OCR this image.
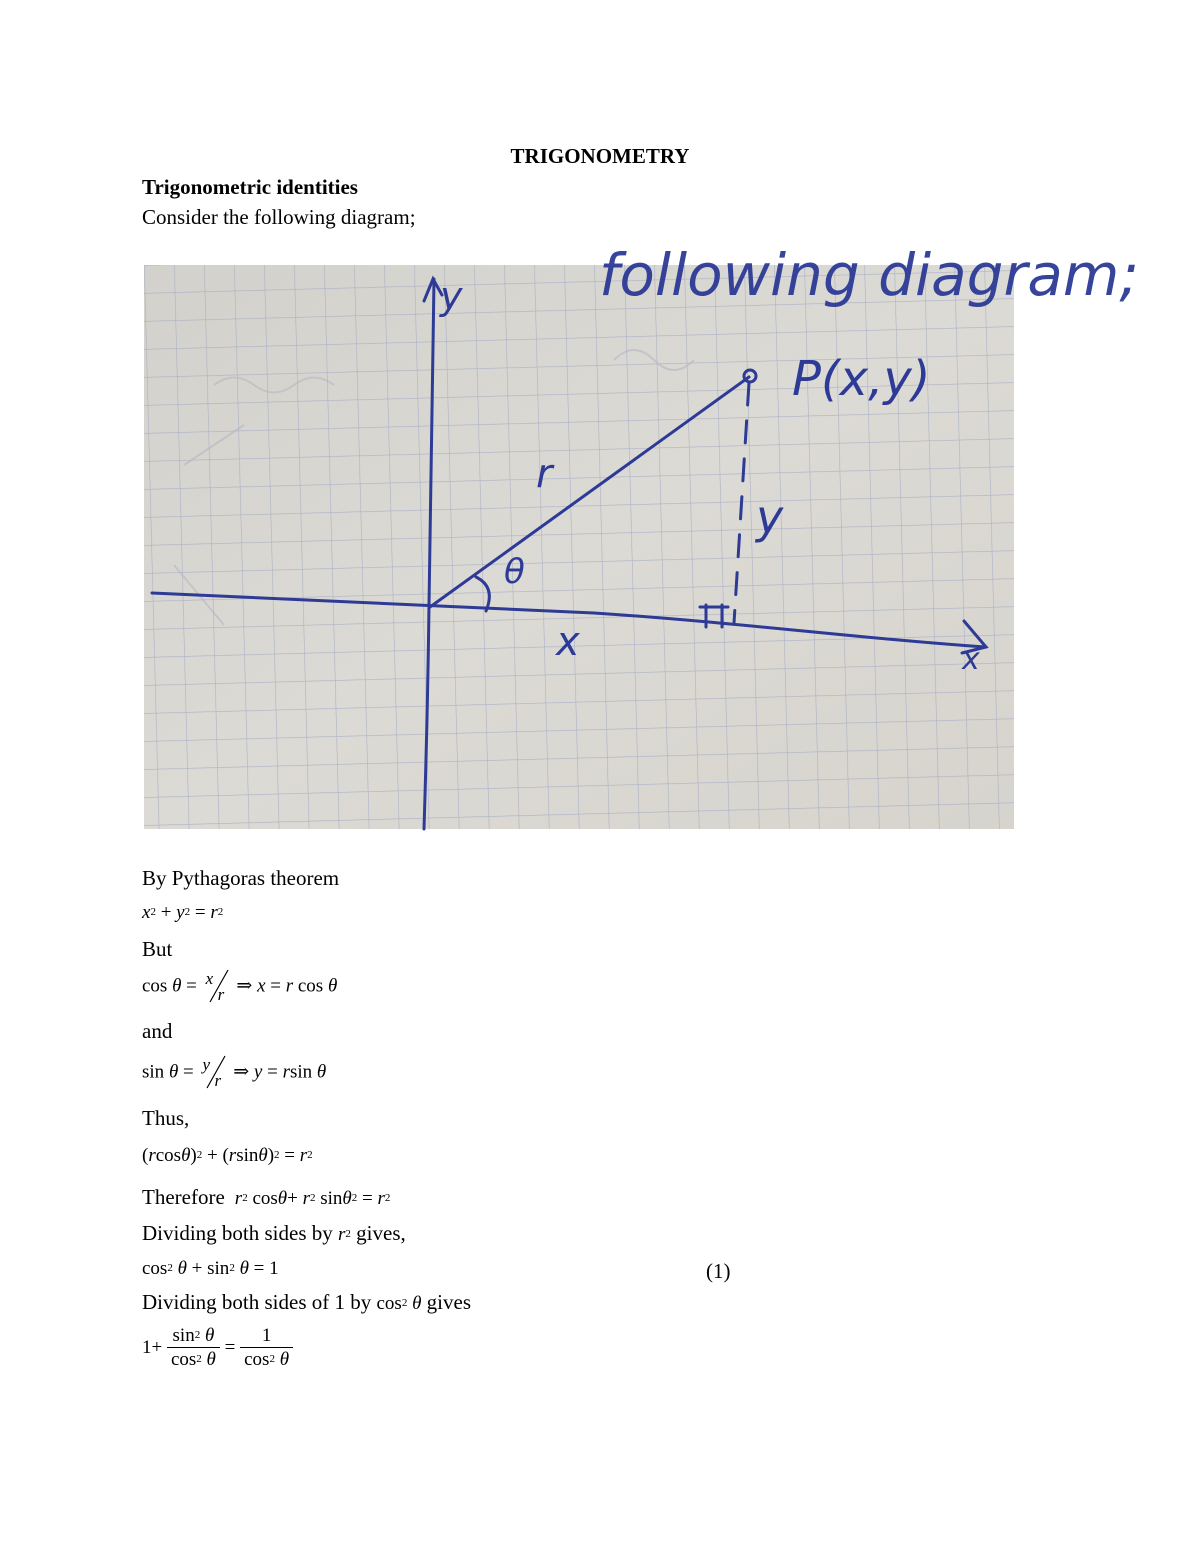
TRIGONOMETRY
Trigonometric identities
Consider the following diagram;
following diagram;
P(x,y)
r
θ
y
x
y
x
By Pythagoras theorem
$x^2 + y^2 = r^2$
But
cos θ = x
r ⇒ x = r cos θ
and
sin θ = y
r ⇒ y = rsin θ
Thus,
$(rcos\theta)^2 + (rsin\theta)^2 = r^2$
Therefore $r^2$ $\cos\theta+ r^2$ $\sin\theta^2 = r^2$
Dividing both sides by $r^2$ gives,
$\cos^2 \theta + \sin^2 \theta = 1$	(1)
Dividing both sides of 1 by $\cos^2 \theta$ gives
$1+ \frac{\sin^2 \theta}{\cos^2 \theta} = \frac{1}{\cos^2 \theta}$
